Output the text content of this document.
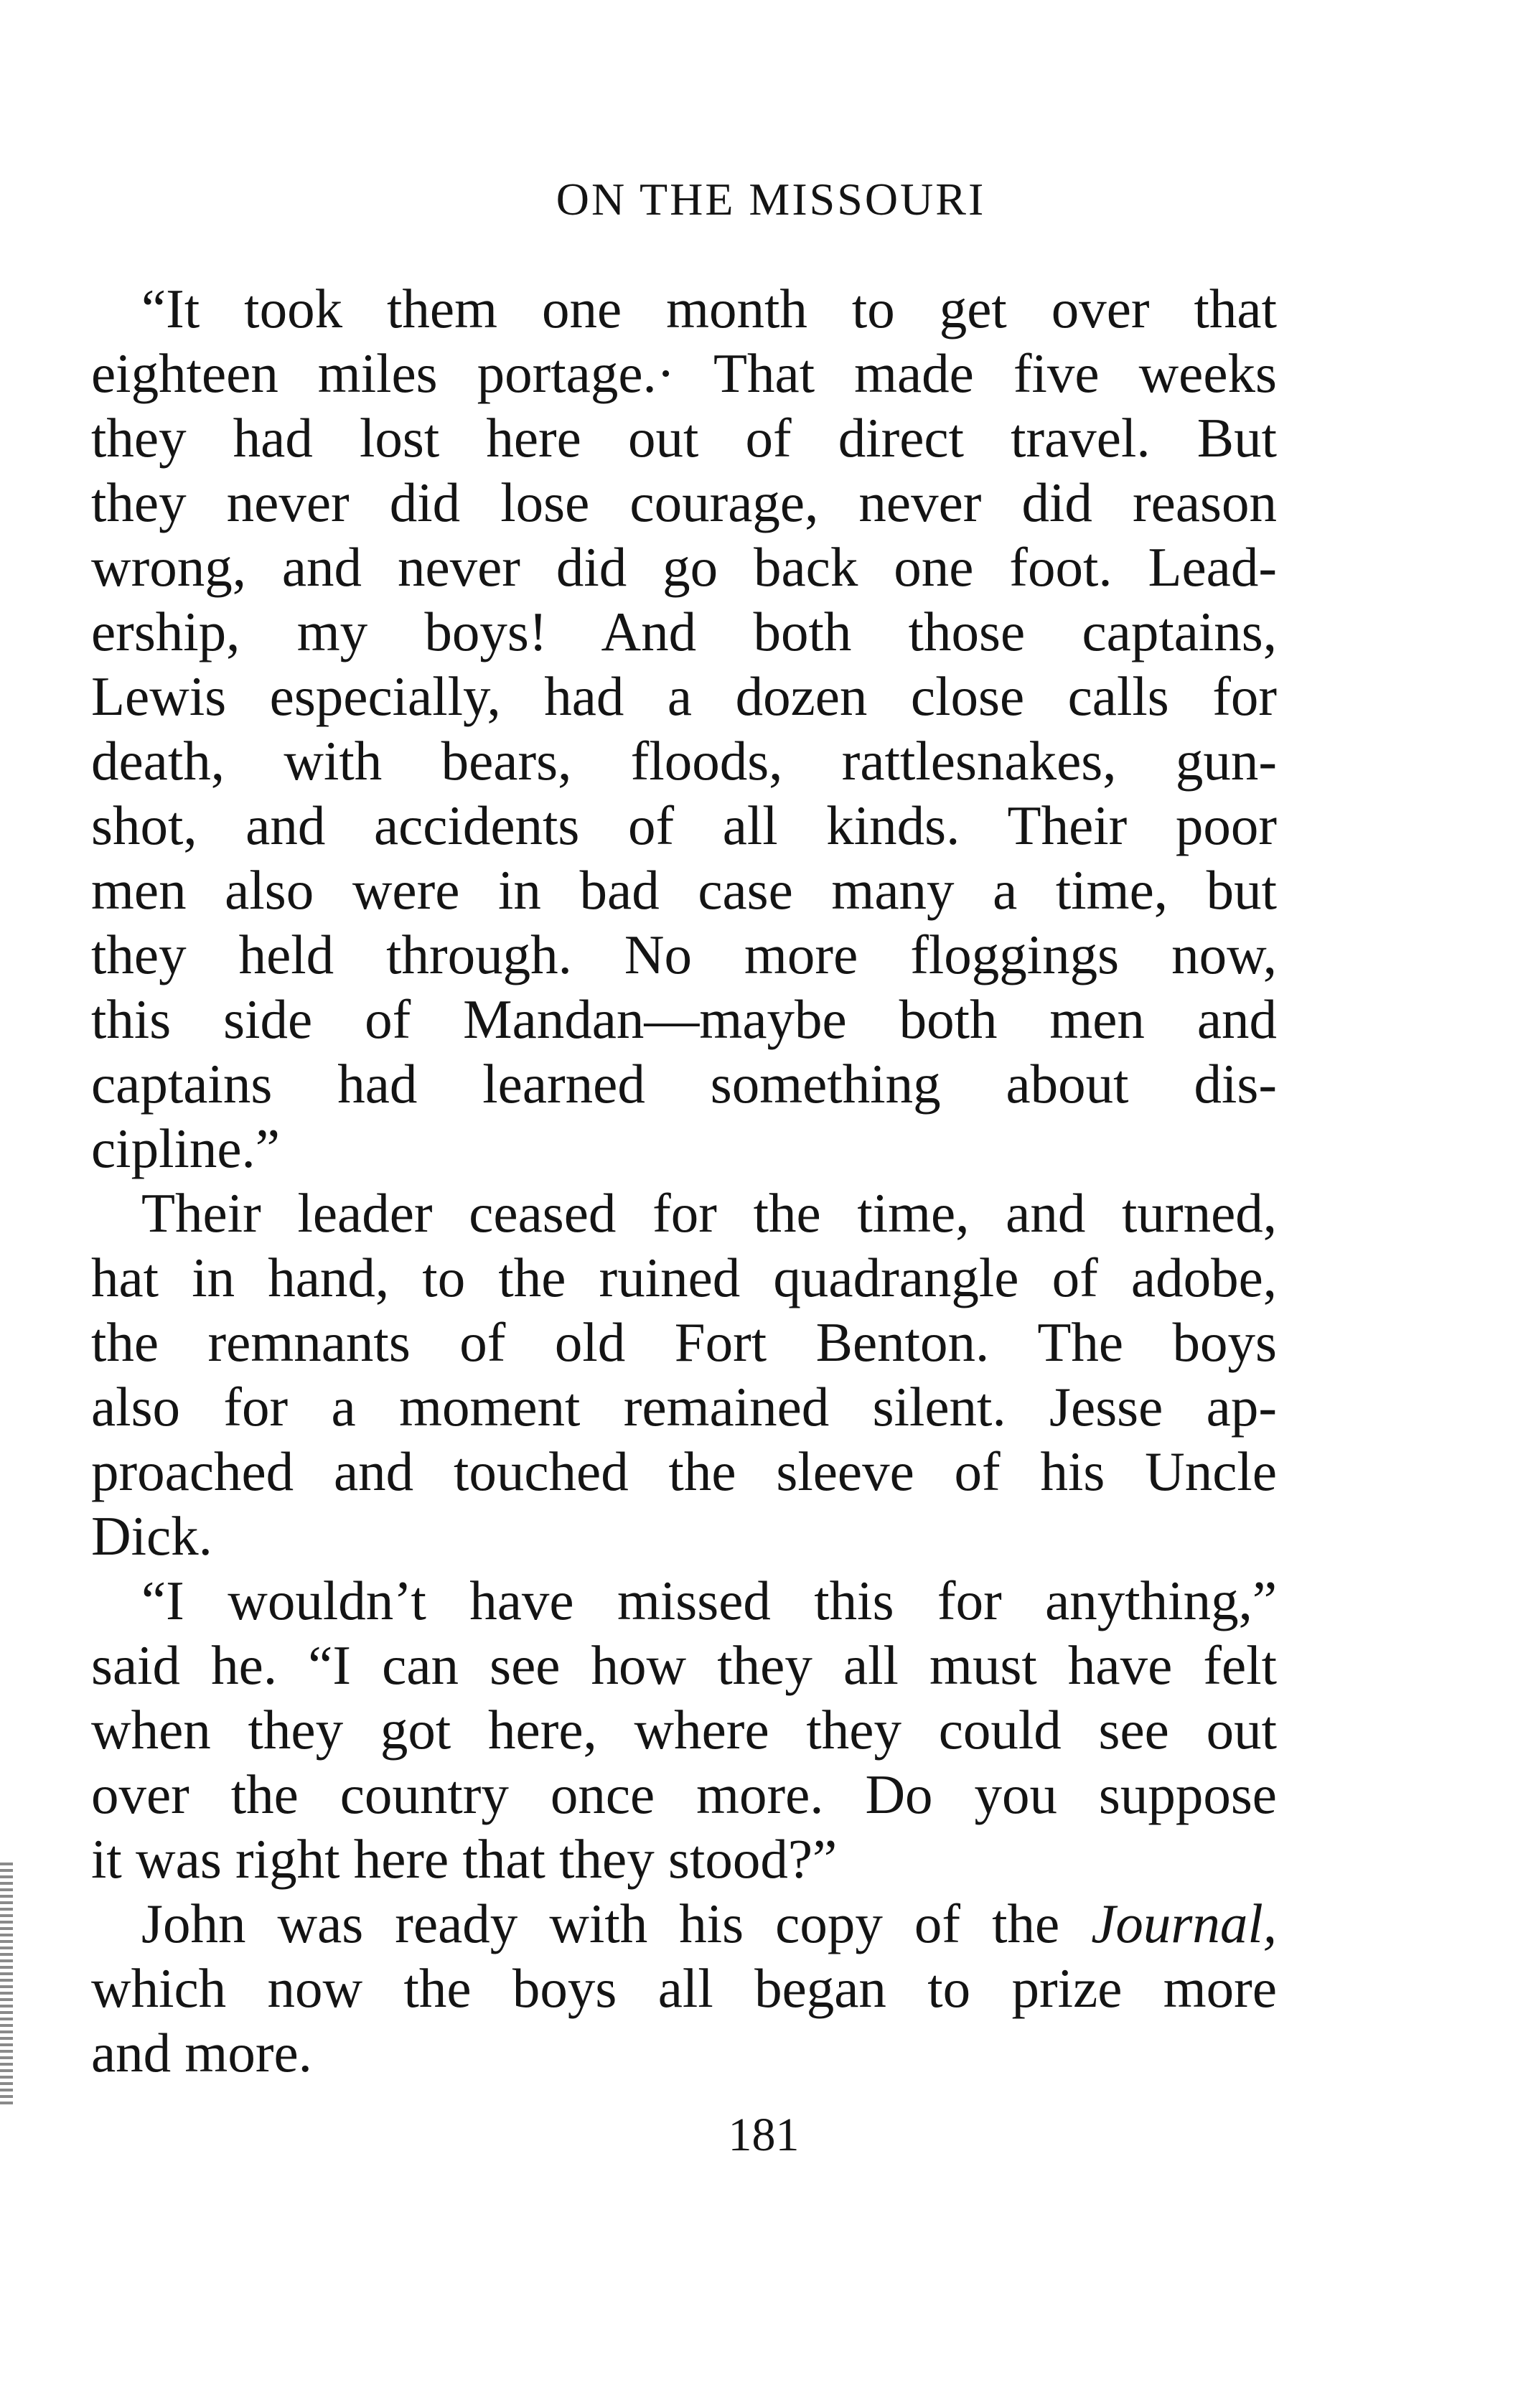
ON THE MISSOURI
“It took them one month to get over that
eighteen miles portage.· That made five weeks
they had lost here out of direct travel. But
they never did lose courage, never did reason
wrong, and never did go back one foot. Lead-
ership, my boys! And both those captains,
Lewis especially, had a dozen close calls for
death, with bears, floods, rattlesnakes, gun-
shot, and accidents of all kinds. Their poor
men also were in bad case many a time, but
they held through. No more floggings now,
this side of Mandan—maybe both men and
captains had learned something about dis-
cipline.”
Their leader ceased for the time, and turned,
hat in hand, to the ruined quadrangle of adobe,
the remnants of old Fort Benton. The boys
also for a moment remained silent. Jesse ap-
proached and touched the sleeve of his Uncle
Dick.
“I wouldn’t have missed this for anything,”
said he. “I can see how they all must have felt
when they got here, where they could see out
over the country once more. Do you suppose
it was right here that they stood?”
John was ready with his copy of the Journal,
which now the boys all began to prize more
and more.
181
